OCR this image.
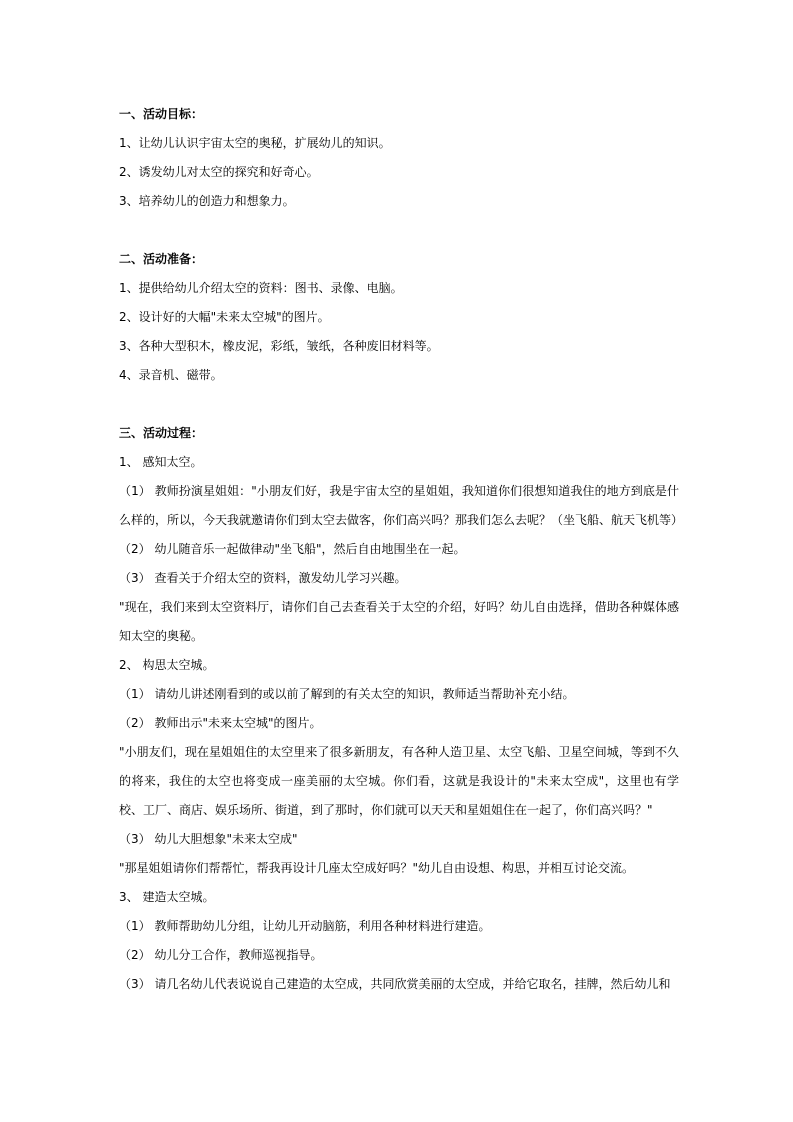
一、活动目标：
1、让幼儿认识宇宙太空的奥秘，扩展幼儿的知识。
2、诱发幼儿对太空的探究和好奇心。
3、培养幼儿的创造力和想象力。
二、活动准备：
1、提供给幼儿介绍太空的资料：图书、录像、电脑。
2、设计好的大幅"未来太空城"的图片。
3、各种大型积木，橡皮泥，彩纸，皱纸，各种废旧材料等。
4、录音机、磁带。
三、活动过程：
1、 感知太空。
（1） 教师扮演星姐姐："小朋友们好，我是宇宙太空的星姐姐，我知道你们很想知道我住的地方到底是什么样的，所以，今天我就邀请你们到太空去做客，你们高兴吗？那我们怎么去呢？（坐飞船、航天飞机等）
（2） 幼儿随音乐一起做律动"坐飞船"，然后自由地围坐在一起。
（3） 查看关于介绍太空的资料，激发幼儿学习兴趣。
"现在，我们来到太空资料厅，请你们自己去查看关于太空的介绍，好吗？幼儿自由选择，借助各种媒体感知太空的奥秘。
2、 构思太空城。
（1） 请幼儿讲述刚看到的或以前了解到的有关太空的知识，教师适当帮助补充小结。
（2） 教师出示"未来太空城"的图片。
"小朋友们，现在星姐姐住的太空里来了很多新朋友，有各种人造卫星、太空飞船、卫星空间城，等到不久的将来，我住的太空也将变成一座美丽的太空城。你们看，这就是我设计的"未来太空成"，这里也有学校、工厂、商店、娱乐场所、街道，到了那时，你们就可以天天和星姐姐住在一起了，你们高兴吗？"
（3） 幼儿大胆想象"未来太空成"
"那星姐姐请你们帮帮忙，帮我再设计几座太空成好吗？"幼儿自由设想、构思，并相互讨论交流。
3、 建造太空城。
（1） 教师帮助幼儿分组，让幼儿开动脑筋，利用各种材料进行建造。
（2） 幼儿分工合作，教师巡视指导。
（3） 请几名幼儿代表说说自己建造的太空成，共同欣赏美丽的太空成，并给它取名，挂牌，然后幼儿和
